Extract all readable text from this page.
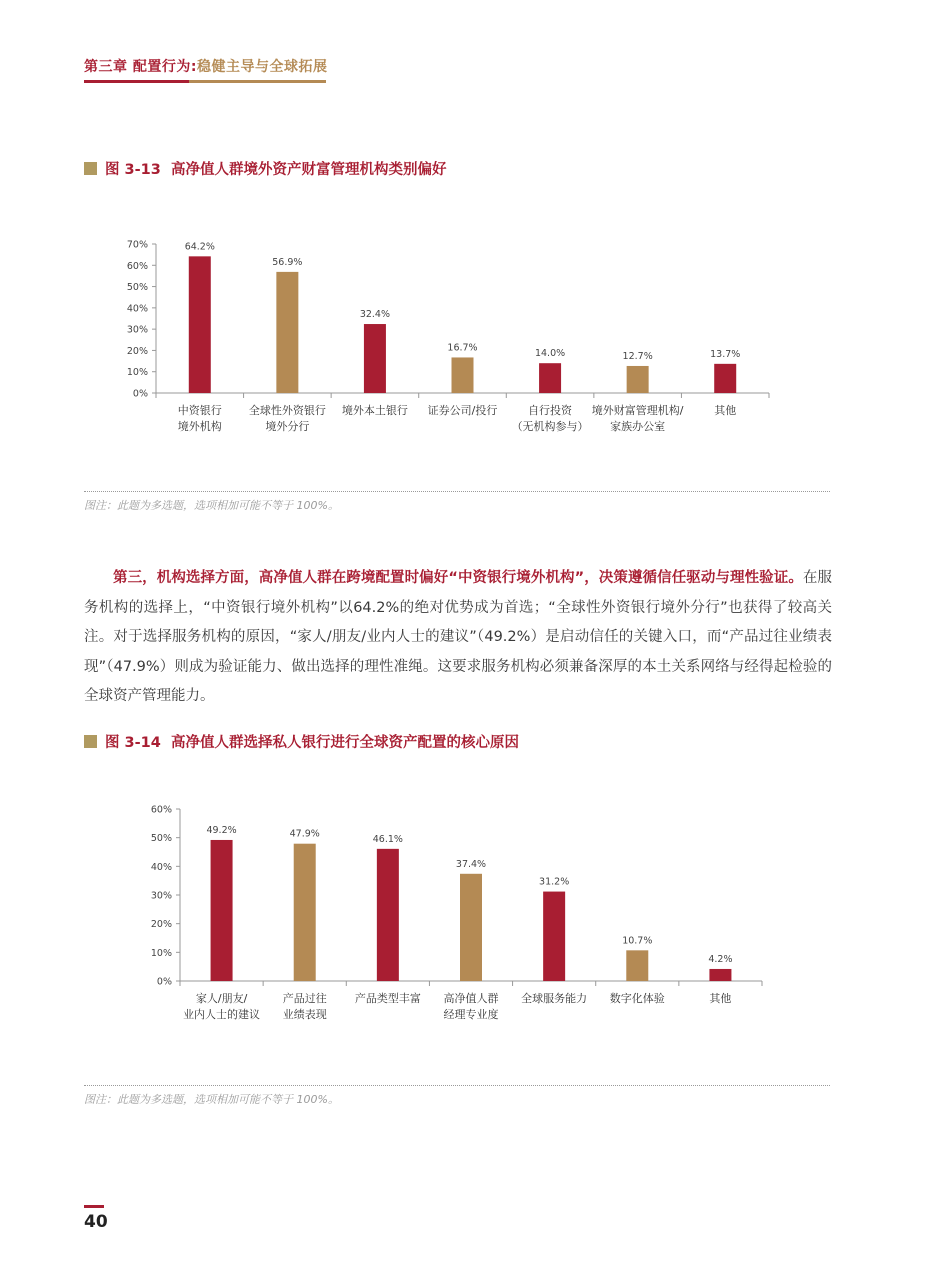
第三章 配置行为:稳健主导与全球拓展
图 3-13
高净值人群境外资产财富管理机构类别偏好
0%
10%
20%
30%
40%
50%
60%
70%	64.2%
中资银行
境外机构
56.9%
全球性外资银行
境外分行
32.4%
境外本土银行
16.7%
证券公司/投行
14.0%
自行投资
（无机构参与）
12.7%
境外财富管理机构/
家族办公室
13.7%
其他
图注：此题为多选题，选项相加可能不等于 100%。

第三，机构选择方面，高净值人群在跨境配置时偏好“中资银行境外机构”，决策遵循信任驱动与理性验证。在服务机构的选择上，“中资银行境外机构”以64.2%的绝对优势成为首选；“全球性外资银行境外分行”也获得了较高关注。对于选择服务机构的原因，“家人/朋友/业内人士的建议”（49.2%）是启动信任的关键入口，而“产品过往业绩表现”（47.9%）则成为验证能力、做出选择的理性准绳。这要求服务机构必须兼备深厚的本土关系网络与经得起检验的全球资产管理能力。

图 3-14
高净值人群选择私人银行进行全球资产配置的核心原因
0%
10%
20%
30%
40%
50%
60%
49.2%
家人/朋友/
业内人士的建议
47.9%
产品过往
业绩表现
46.1%
产品类型丰富
37.4%
高净值人群
经理专业度
31.2%
全球服务能力
10.7%
数字化体验
4.2%
其他
图注：此题为多选题，选项相加可能不等于 100%。
40
